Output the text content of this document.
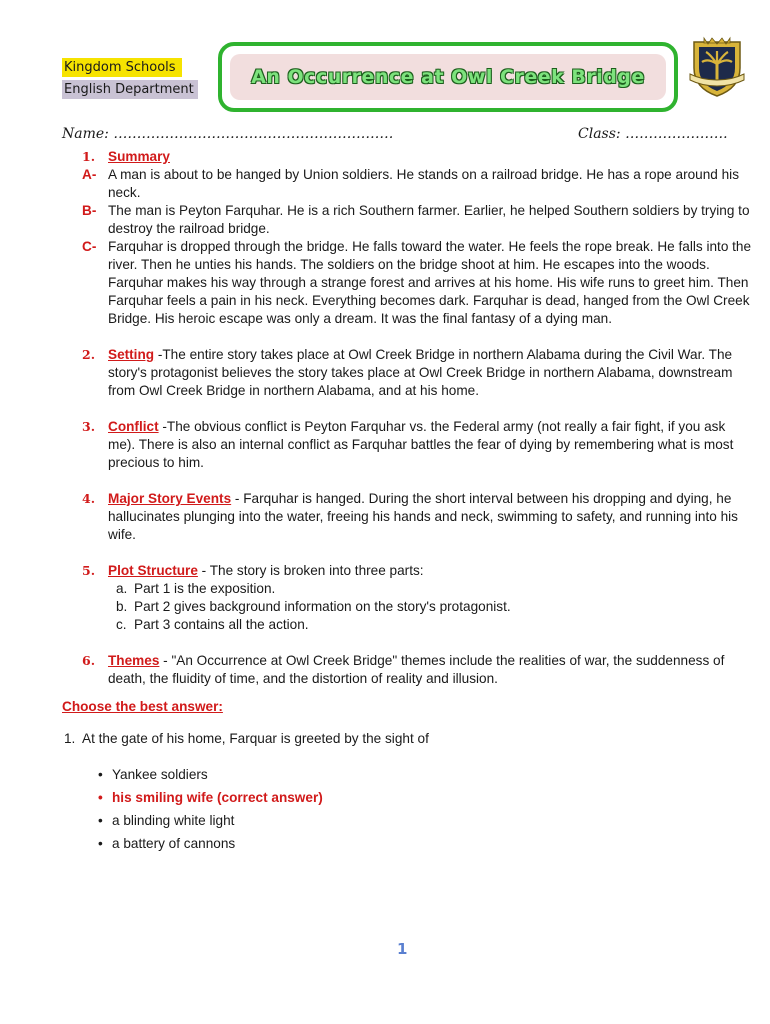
Kingdom Schools
English Department
An Occurrence at Owl Creek Bridge
Name: ……………………………………………………	Class: ………………….
1. Summary
A- A man is about to be hanged by Union soldiers. He stands on a railroad bridge. He has a rope around his neck.
B- The man is Peyton Farquhar. He is a rich Southern farmer. Earlier, he helped Southern soldiers by trying to destroy the railroad bridge.
C- Farquhar is dropped through the bridge. He falls toward the water. He feels the rope break. He falls into the river. Then he unties his hands. The soldiers on the bridge shoot at him. He escapes into the woods. Farquhar makes his way through a strange forest and arrives at his home. His wife runs to greet him. Then Farquhar feels a pain in his neck. Everything becomes dark. Farquhar is dead, hanged from the Owl Creek Bridge. His heroic escape was only a dream. It was the final fantasy of a dying man.
2. Setting -The entire story takes place at Owl Creek Bridge in northern Alabama during the Civil War. The story's protagonist believes the story takes place at Owl Creek Bridge in northern Alabama, downstream from Owl Creek Bridge in northern Alabama, and at his home.
3. Conflict -The obvious conflict is Peyton Farquhar vs. the Federal army (not really a fair fight, if you ask me). There is also an internal conflict as Farquhar battles the fear of dying by remembering what is most precious to him.
4. Major Story Events - Farquhar is hanged. During the short interval between his dropping and dying, he hallucinates plunging into the water, freeing his hands and neck, swimming to safety, and running into his wife.
5. Plot Structure - The story is broken into three parts:
a. Part 1 is the exposition.
b. Part 2 gives background information on the story's protagonist.
c. Part 3 contains all the action.
6. Themes - "An Occurrence at Owl Creek Bridge" themes include the realities of war, the suddenness of death, the fluidity of time, and the distortion of reality and illusion.
Choose the best answer:
1. At the gate of his home, Farquar is greeted by the sight of
• Yankee soldiers
• his smiling wife (correct answer)
• a blinding white light
• a battery of cannons
1
